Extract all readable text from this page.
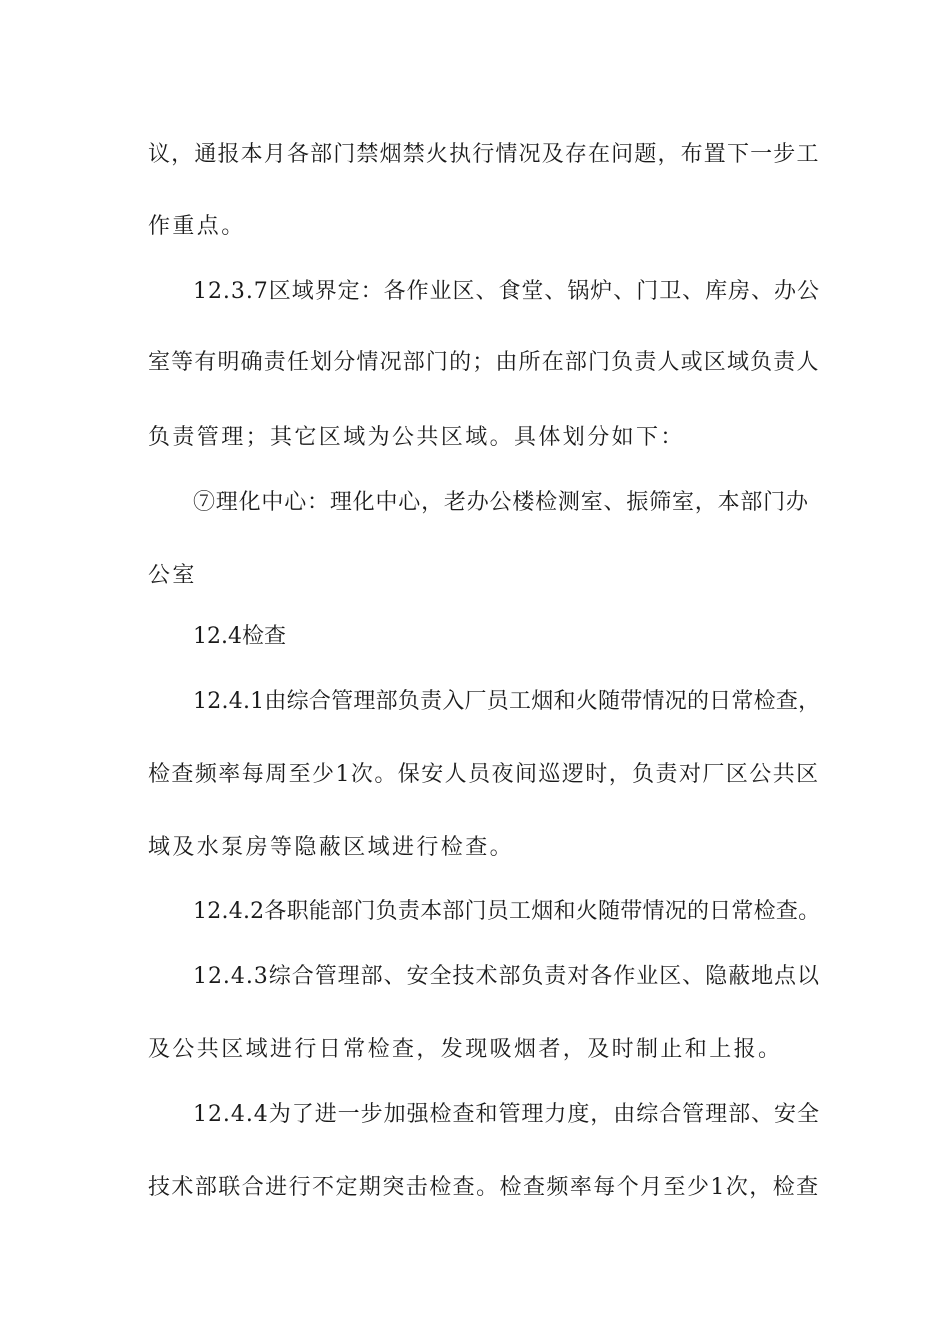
议，通报本月各部门禁烟禁火执行情况及存在问题，布置下一步工
作重点。
12.3.7区域界定：各作业区、食堂、锅炉、门卫、库房、办公
室等有明确责任划分情况部门的；由所在部门负责人或区域负责人
负责管理；其它区域为公共区域。具体划分如下：
⑦理化中心：理化中心，老办公楼检测室、振筛室，本部门办
公室
12.4检查
12.4.1由综合管理部负责入厂员工烟和火随带情况的日常检查，
检查频率每周至少1次。保安人员夜间巡逻时，负责对厂区公共区
域及水泵房等隐蔽区域进行检查。
12.4.2各职能部门负责本部门员工烟和火随带情况的日常检查。
12.4.3综合管理部、安全技术部负责对各作业区、隐蔽地点以
及公共区域进行日常检查，发现吸烟者，及时制止和上报。
12.4.4为了进一步加强检查和管理力度，由综合管理部、安全
技术部联合进行不定期突击检查。检查频率每个月至少1次，检查
